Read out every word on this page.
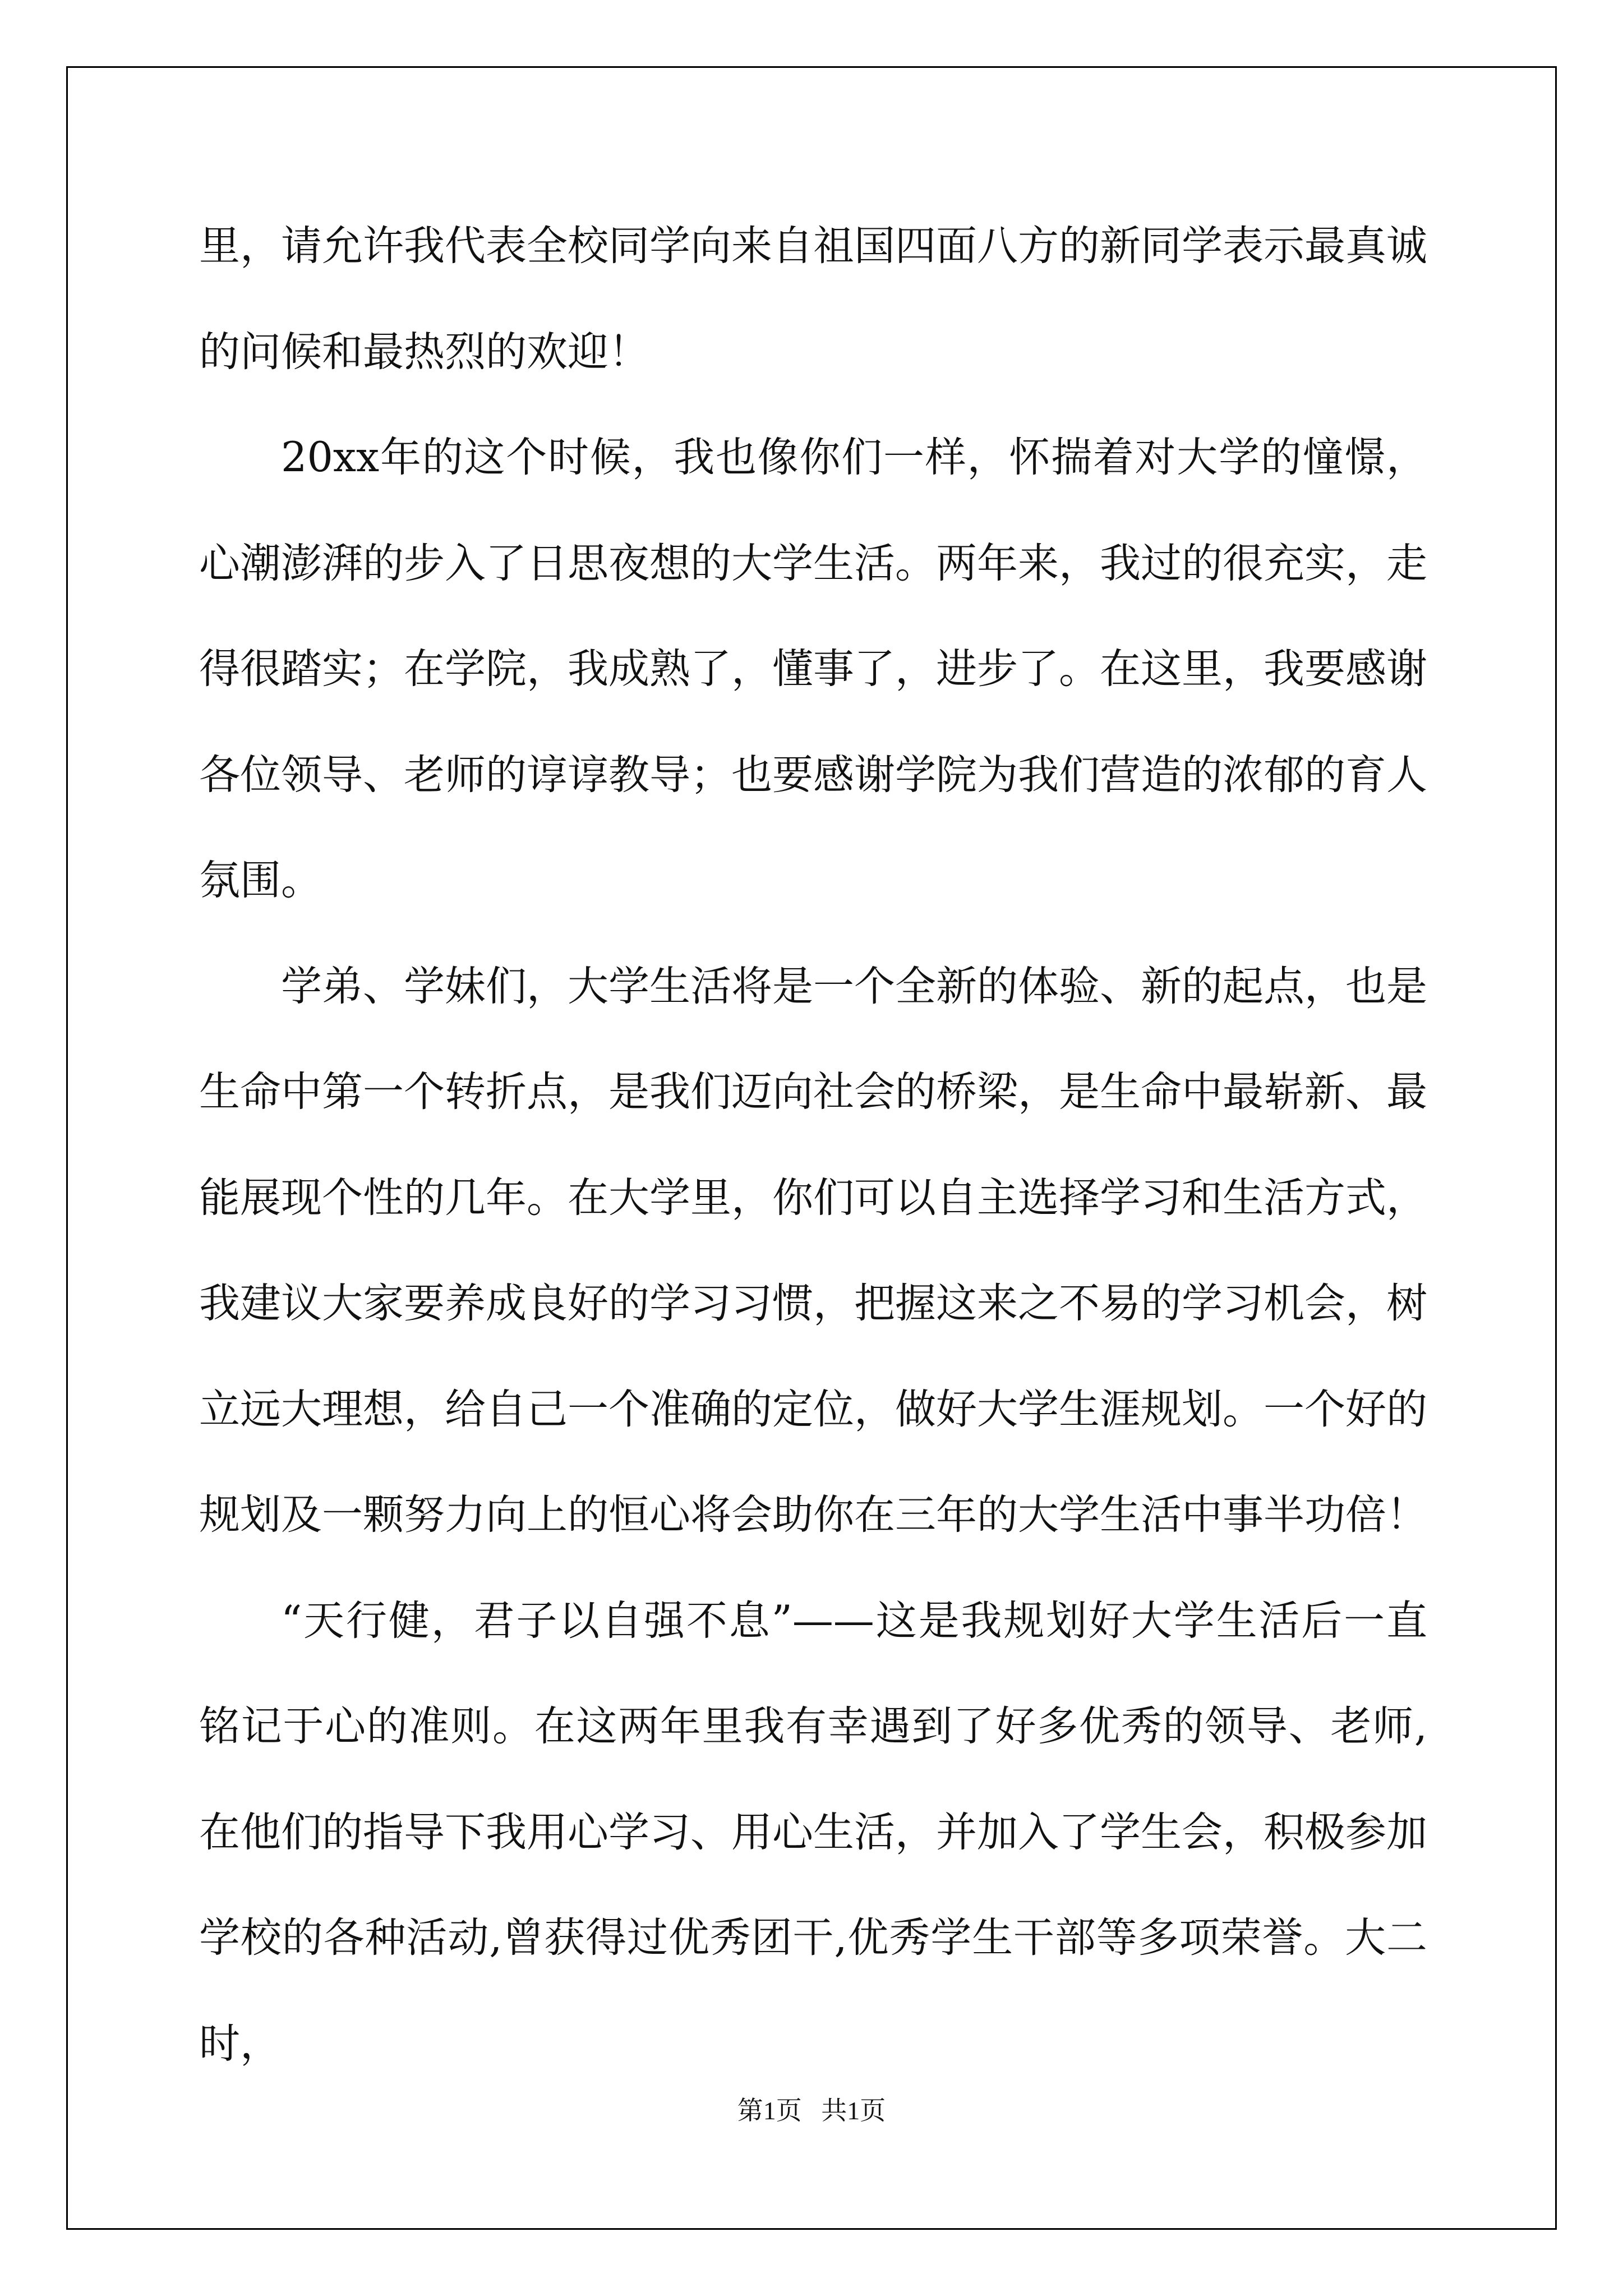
里，请允许我代表全校同学向来自祖国四面八方的新同学表示最真诚的问候和最热烈的欢迎！

20xx年的这个时候，我也像你们一样，怀揣着对大学的憧憬，心潮澎湃的步入了日思夜想的大学生活。两年来，我过的很充实，走得很踏实；在学院，我成熟了，懂事了，进步了。在这里，我要感谢各位领导、老师的谆谆教导；也要感谢学院为我们营造的浓郁的育人氛围。

学弟、学妹们，大学生活将是一个全新的体验、新的起点，也是生命中第一个转折点，是我们迈向社会的桥梁，是生命中最崭新、最能展现个性的几年。在大学里，你们可以自主选择学习和生活方式，我建议大家要养成良好的学习习惯，把握这来之不易的学习机会，树立远大理想，给自己一个准确的定位，做好大学生涯规划。一个好的规划及一颗努力向上的恒心将会助你在三年的大学生活中事半功倍！

“天行健，君子以自强不息”——这是我规划好大学生活后一直铭记于心的准则。在这两年里我有幸遇到了好多优秀的领导、老师,在他们的指导下我用心学习、用心生活，并加入了学生会，积极参加学校的各种活动,曾获得过优秀团干,优秀学生干部等多项荣誉。大二时，

第1页   共1页
